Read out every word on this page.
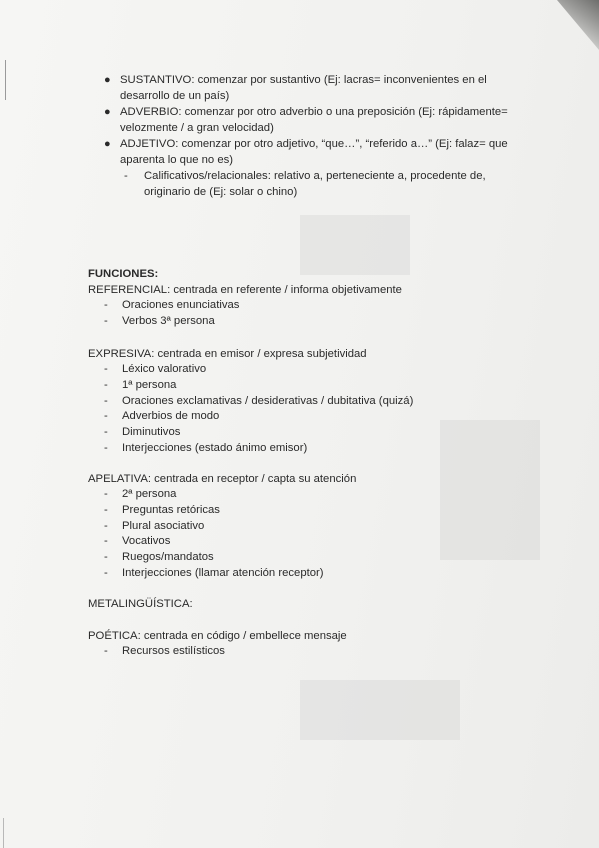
● SUSTANTIVO: comenzar por sustantivo (Ej: lacras= inconvenientes en el desarrollo de un país)
● ADVERBIO: comenzar por otro adverbio o una preposición (Ej: rápidamente= velozmente / a gran velocidad)
● ADJETIVO: comenzar por otro adjetivo, “que…”, “referido a…” (Ej: falaz= que aparenta lo que no es)
- Calificativos/relacionales: relativo a, perteneciente a, procedente de, originario de (Ej: solar o chino)
FUNCIONES:
REFERENCIAL: centrada en referente / informa objetivamente
- Oraciones enunciativas
- Verbos 3ª persona
EXPRESIVA: centrada en emisor / expresa subjetividad
- Léxico valorativo
- 1ª persona
- Oraciones exclamativas / desiderativas / dubitativa (quizá)
- Adverbios de modo
- Diminutivos
- Interjecciones (estado ánimo emisor)
APELATIVA: centrada en receptor / capta su atención
- 2ª persona
- Preguntas retóricas
- Plural asociativo
- Vocativos
- Ruegos/mandatos
- Interjecciones (llamar atención receptor)
METALINGÜÍSTICA:
POÉTICA: centrada en código / embellece mensaje
- Recursos estilísticos
